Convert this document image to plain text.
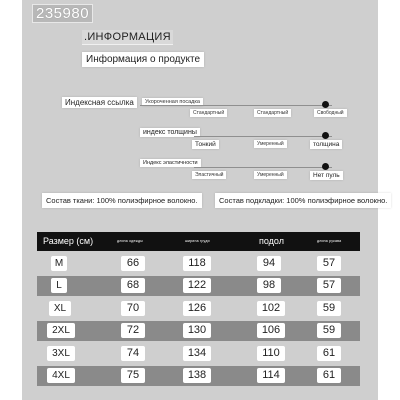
235980
.ИНФОРМАЦИЯ
Информация о продукте
Индексная ссылка	Укороченная посадка
Стандартный	Стандартный	Свободный
индекс толщины
Тонкий	Умеренный	толщина
Индекс эластичности
Эластичный	Умеренный	Нет пуль
Состав ткани: 100% полиэфирное волокно.	Состав подкладки: 100% полиэфирное волокно.
Размер (см)	длина одежды	ширина груди	подол	длина рукава
M	66	118	94	57
L	68	122	98	57
XL	70	126	102	59
2XL	72	130	106	59
3XL	74	134	110	61
4XL	75	138	114	61
